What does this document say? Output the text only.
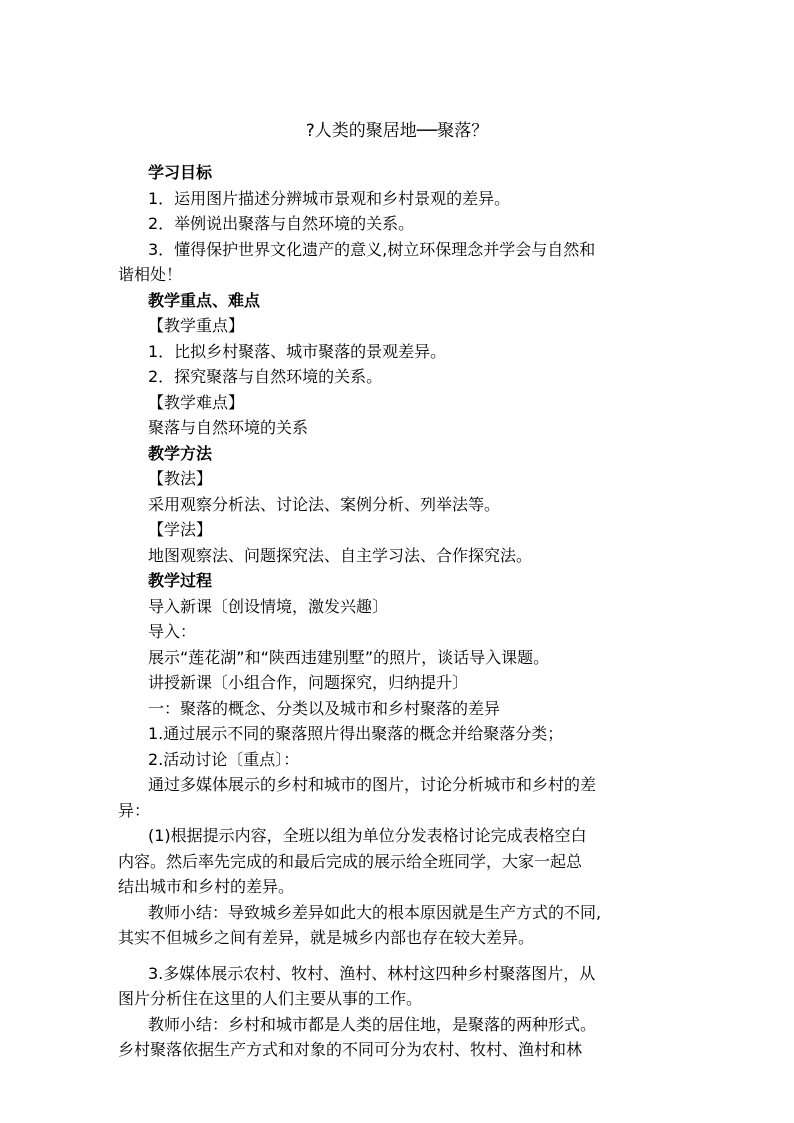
?人类的聚居地──聚落？
学习目标
1．运用图片描述分辨城市景观和乡村景观的差异。
2．举例说出聚落与自然环境的关系。
3．懂得保护世界文化遗产的意义,树立环保理念并学会与自然和
谐相处！
教学重点、难点
【教学重点】
1．比拟乡村聚落、城市聚落的景观差异。
2．探究聚落与自然环境的关系。
【教学难点】
聚落与自然环境的关系
教学方法
【教法】
采用观察分析法、讨论法、案例分析、列举法等。
【学法】
地图观察法、问题探究法、自主学习法、合作探究法。
教学过程
导入新课〔创设情境，激发兴趣〕
导入：
展示“莲花湖”和“陕西违建别墅”的照片，谈话导入课题。
讲授新课〔小组合作，问题探究，归纳提升〕
一：聚落的概念、分类以及城市和乡村聚落的差异
1.通过展示不同的聚落照片得出聚落的概念并给聚落分类；
2.活动讨论〔重点〕：
通过多媒体展示的乡村和城市的图片，讨论分析城市和乡村的差
异：
(1)根据提示内容，全班以组为单位分发表格讨论完成表格空白
内容。然后率先完成的和最后完成的展示给全班同学，大家一起总
结出城市和乡村的差异。
教师小结：导致城乡差异如此大的根本原因就是生产方式的不同,
其实不但城乡之间有差异，就是城乡内部也存在较大差异。
3.多媒体展示农村、牧村、渔村、林村这四种乡村聚落图片，从
图片分析住在这里的人们主要从事的工作。
教师小结：乡村和城市都是人类的居住地，是聚落的两种形式。
乡村聚落依据生产方式和对象的不同可分为农村、牧村、渔村和林
